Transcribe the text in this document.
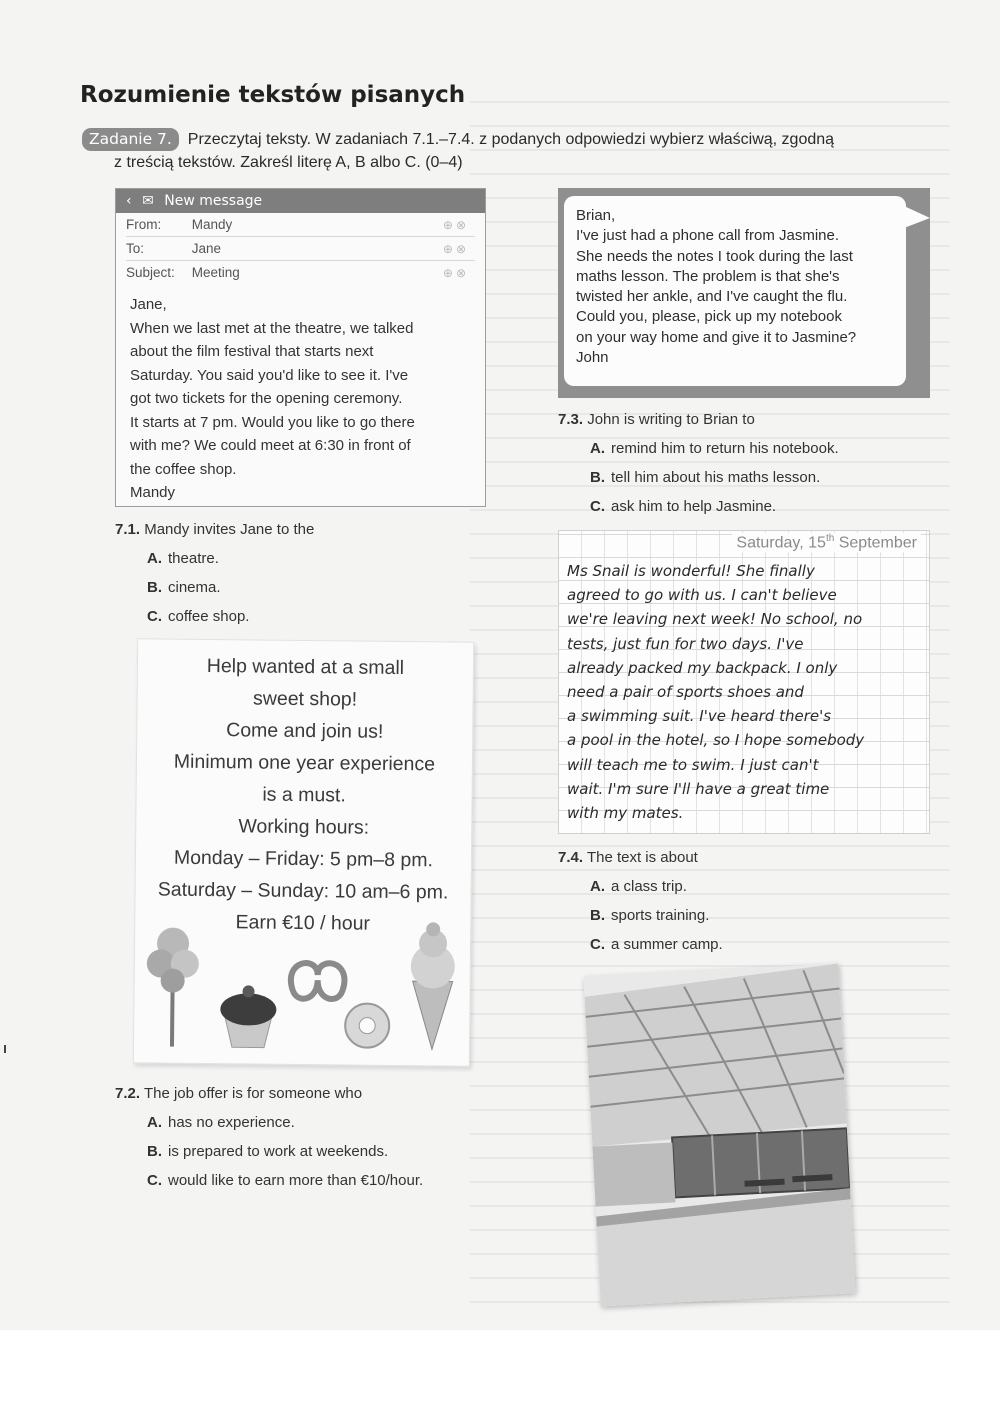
Rozumienie tekstów pisanych
Zadanie 7. Przeczytaj teksty. W zadaniach 7.1.–7.4. z podanych odpowiedzi wybierz właściwą, zgodną
z treścią tekstów. Zakreśl literę A, B albo C. (0–4)
‹ ✉ New message
From: Mandy	⊕⊗
To:	Jane	⊕⊗
Subject: Meeting	⊕⊗
Jane,
When we last met at the theatre, we talked
about the film festival that starts next
Saturday. You said you'd like to see it. I've
got two tickets for the opening ceremony.
It starts at 7 pm. Would you like to go there
with me? We could meet at 6:30 in front of
the coffee shop.
Mandy
7.1. Mandy invites Jane to the
A. theatre.
B. cinema.
C. coffee shop.
Help wanted at a small
sweet shop!
Come and join us!
Minimum one year experience
is a must.
Working hours:
Monday – Friday: 5 pm–8 pm.
Saturday – Sunday: 10 am–6 pm.
Earn €10 / hour
7.2. The job offer is for someone who
A. has no experience.
B. is prepared to work at weekends.
C. would like to earn more than €10/hour.
Brian,
I've just had a phone call from Jasmine.
She needs the notes I took during the last
maths lesson. The problem is that she's
twisted her ankle, and I've caught the flu.
Could you, please, pick up my notebook
on your way home and give it to Jasmine?
John
7.3. John is writing to Brian to
A. remind him to return his notebook.
B. tell him about his maths lesson.
C. ask him to help Jasmine.
Saturday, 15th September
Ms Snail is wonderful! She finally
agreed to go with us. I can't believe
we're leaving next week! No school, no
tests, just fun for two days. I've
already packed my backpack. I only
need a pair of sports shoes and
a swimming suit. I've heard there's
a pool in the hotel, so I hope somebody
will teach me to swim. I just can't
wait. I'm sure I'll have a great time
with my mates.
7.4. The text is about
A. a class trip.
B. sports training.
C. a summer camp.
